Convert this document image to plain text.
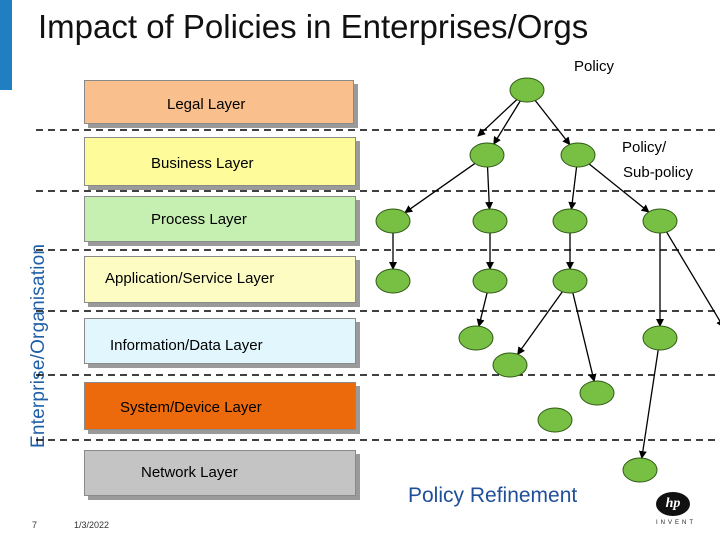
Impact of Policies in Enterprises/Orgs
Enterprise/Organisation
Legal Layer
Business Layer
Process Layer
Application/Service Layer
Information/Data Layer
System/Device Layer
Network Layer
Policy
Policy/
Sub-policy
Policy Refinement
7	1/3/2022
hp
INVENT
